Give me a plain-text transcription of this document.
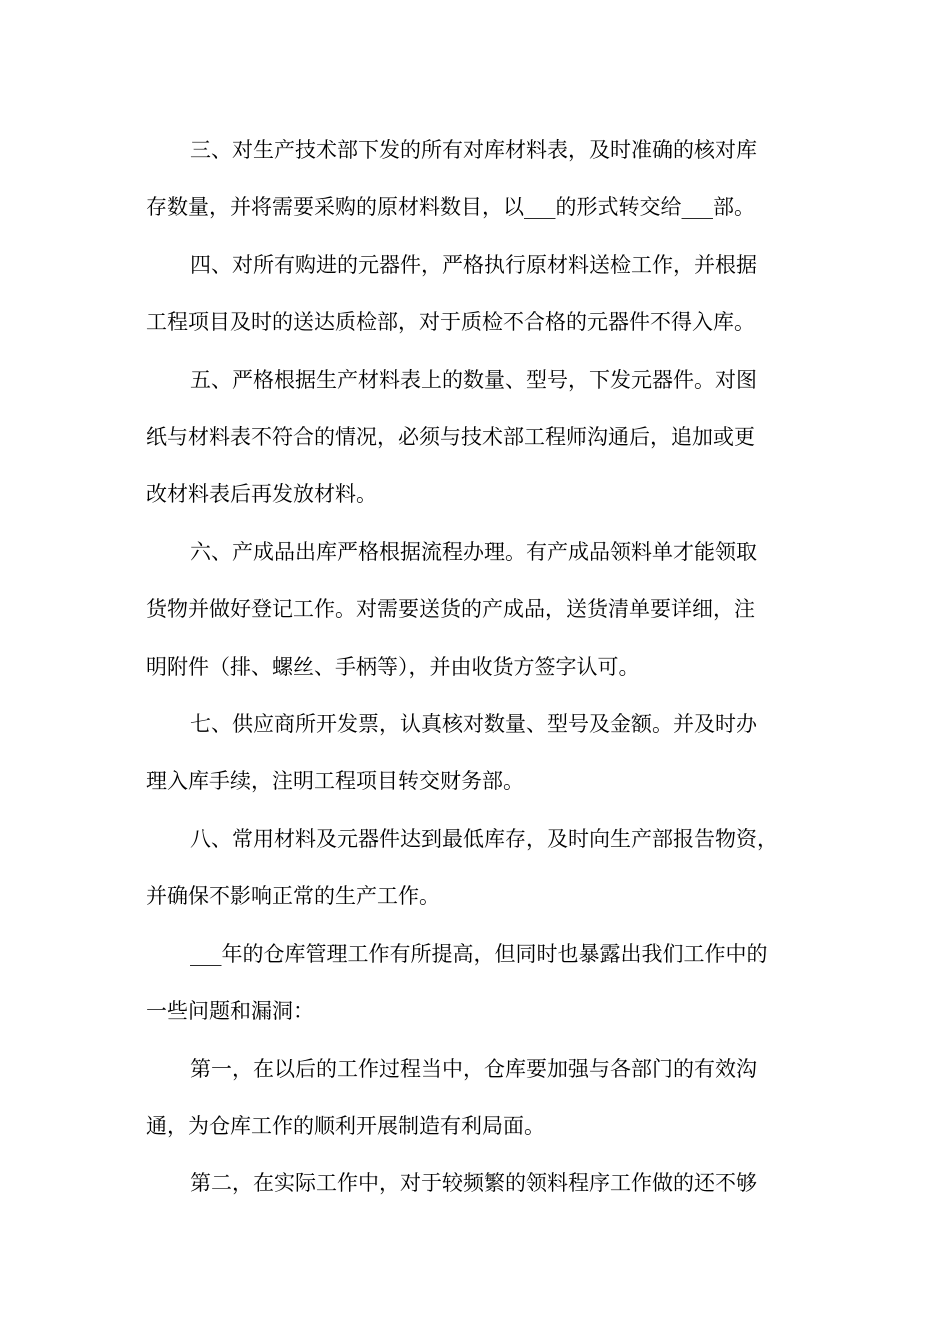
三、对生产技术部下发的所有对库材料表，及时准确的核对库
存数量，并将需要采购的原材料数目，以___的形式转交给___部。
四、对所有购进的元器件，严格执行原材料送检工作，并根据
工程项目及时的送达质检部，对于质检不合格的元器件不得入库。
五、严格根据生产材料表上的数量、型号，下发元器件。对图
纸与材料表不符合的情况，必须与技术部工程师沟通后，追加或更
改材料表后再发放材料。
六、产成品出库严格根据流程办理。有产成品领料单才能领取
货物并做好登记工作。对需要送货的产成品，送货清单要详细，注
明附件（排、螺丝、手柄等），并由收货方签字认可。
七、供应商所开发票，认真核对数量、型号及金额。并及时办
理入库手续，注明工程项目转交财务部。
八、常用材料及元器件达到最低库存，及时向生产部报告物资，
并确保不影响正常的生产工作。
___年的仓库管理工作有所提高，但同时也暴露出我们工作中的
一些问题和漏洞：
第一，在以后的工作过程当中，仓库要加强与各部门的有效沟
通，为仓库工作的顺利开展制造有利局面。
第二，在实际工作中，对于较频繁的领料程序工作做的还不够
